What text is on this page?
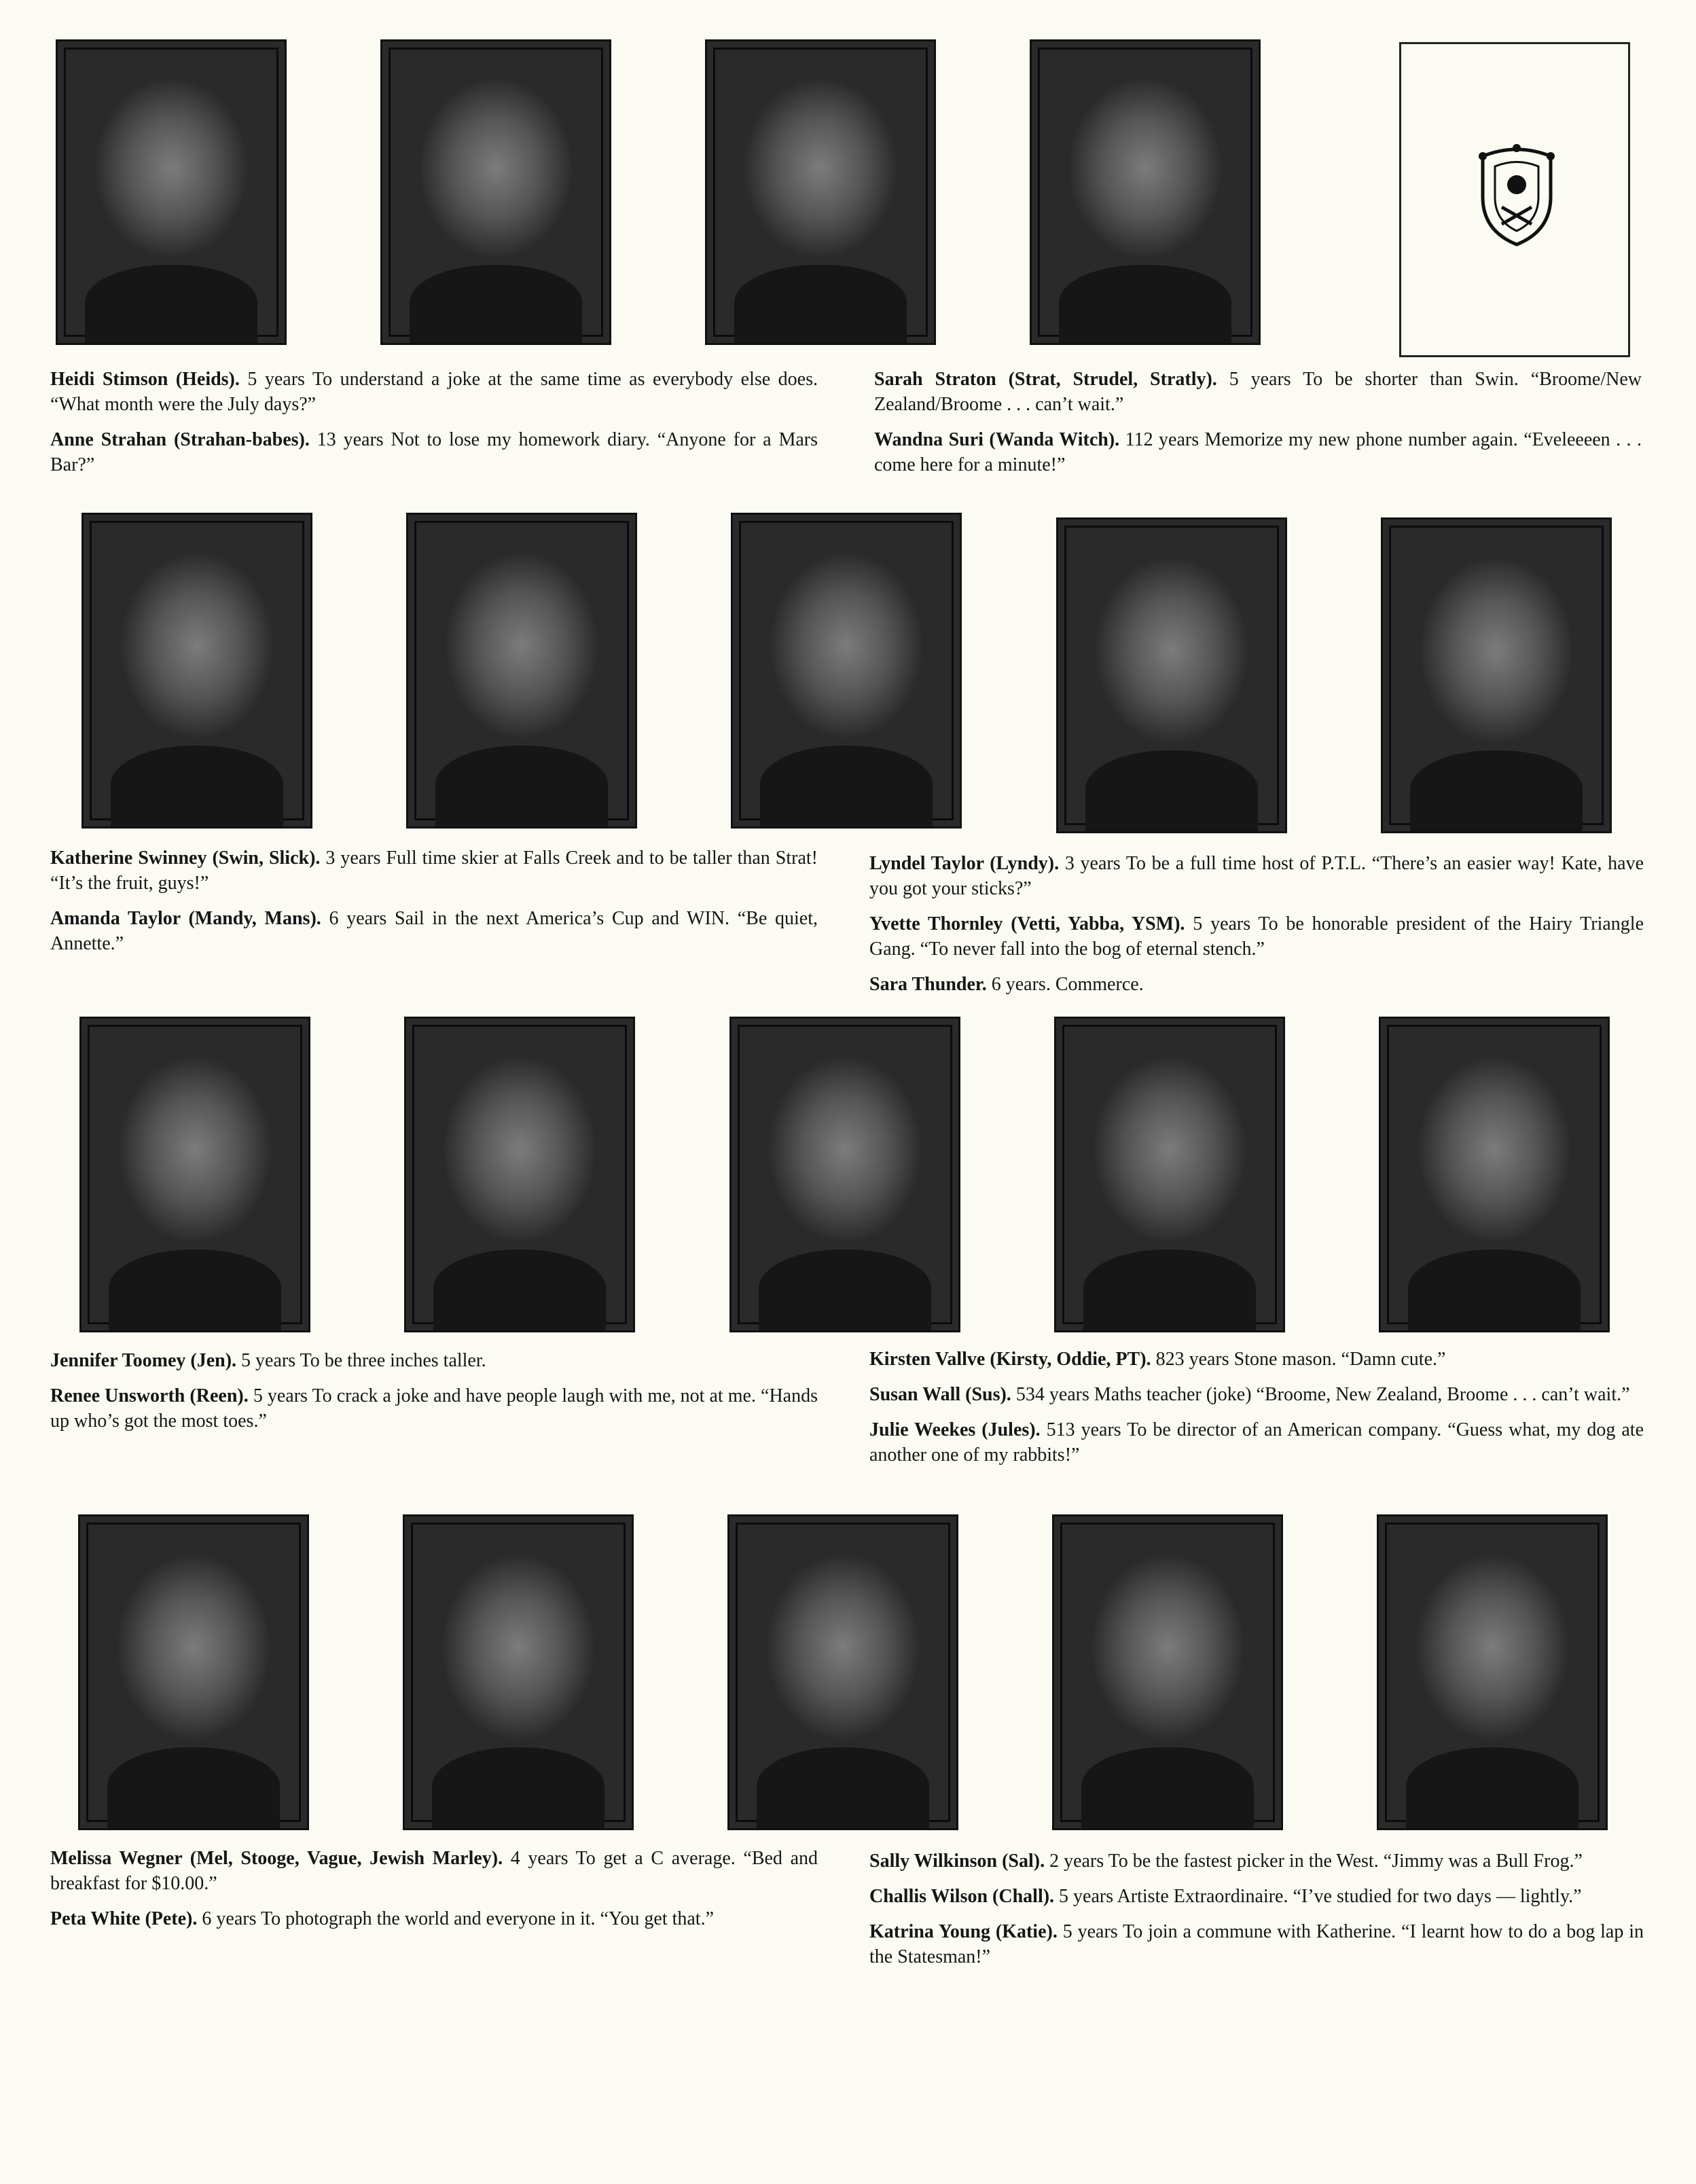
Heidi Stimson (Heids). 5 years To understand a joke at the same time as everybody else does. “What month were the July days?”

Anne Strahan (Strahan-babes). 13 years Not to lose my homework diary. “Anyone for a Mars Bar?”

Sarah Straton (Strat, Strudel, Stratly). 5 years To be shorter than Swin. “Broome/New Zealand/Broome . . . can’t wait.”

Wandna Suri (Wanda Witch). 112 years Memorize my new phone number again. “Eveleeeen . . . come here for a minute!”

Katherine Swinney (Swin, Slick). 3 years Full time skier at Falls Creek and to be taller than Strat! “It’s the fruit, guys!”

Amanda Taylor (Mandy, Mans). 6 years Sail in the next America’s Cup and WIN. “Be quiet, Annette.”

Lyndel Taylor (Lyndy). 3 years To be a full time host of P.T.L. “There’s an easier way! Kate, have you got your sticks?”

Yvette Thornley (Vetti, Yabba, YSM). 5 years To be honorable president of the Hairy Triangle Gang. “To never fall into the bog of eternal stench.”

Sara Thunder. 6 years. Commerce.

Jennifer Toomey (Jen). 5 years To be three inches taller.

Renee Unsworth (Reen). 5 years To crack a joke and have people laugh with me, not at me. “Hands up who’s got the most toes.”

Kirsten Vallve (Kirsty, Oddie, PT). 823 years Stone mason. “Damn cute.”

Susan Wall (Sus). 534 years Maths teacher (joke) “Broome, New Zealand, Broome . . . can’t wait.”

Julie Weekes (Jules). 513 years To be director of an American company. “Guess what, my dog ate another one of my rabbits!”

Melissa Wegner (Mel, Stooge, Vague, Jewish Marley). 4 years To get a C average. “Bed and breakfast for $10.00.”

Peta White (Pete). 6 years To photograph the world and everyone in it. “You get that.”

Sally Wilkinson (Sal). 2 years To be the fastest picker in the West. “Jimmy was a Bull Frog.”

Challis Wilson (Chall). 5 years Artiste Extraordinaire. “I’ve studied for two days — lightly.”

Katrina Young (Katie). 5 years To join a commune with Katherine. “I learnt how to do a bog lap in the Statesman!”
